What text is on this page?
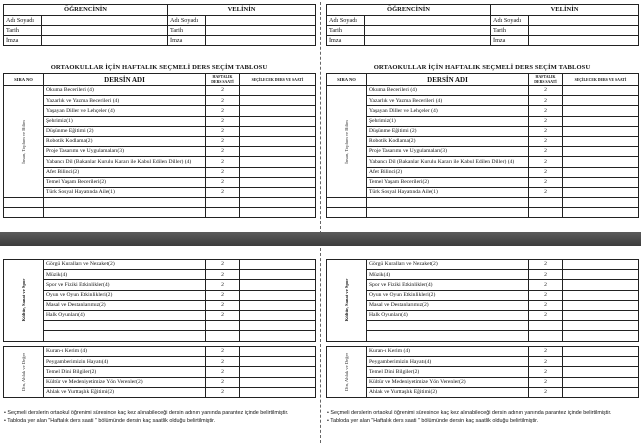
ÖĞRENCİNİN		VELİNİN	
Adı Soyadı		Adı Soyadı	
Tarih		Tarih	
İmza		İmza	
ORTAOKULLAR İÇİN HAFTALIK SEÇMELİ DERS SEÇİM TABLOSU
SIRA NO	DERSİN ADI	HAFTALIK DERS SAATİ	SEÇİLECEK DERS VE SAATİ

İnsan, Toplum ve Bilim	Okuma Becerileri (4)	2	
	Yazarlık ve Yazma Becerileri (4)	2	
	Yaşayan Diller ve Lehçeler (4)	2	
	Şehrimiz(1)	2	
	Düşünme Eğitimi (2)	2	
	Robotik Kodlama(2)	2	
	Proje Tasarımı ve Uygulamaları(3)	2	
	Yabancı Dil (Bakanlar Kurulu Kararı ile Kabul Edilen Diller) (4)	2	
	Afet Bilinci(2)	2	
	Temel Yaşam Becerileri(2)	2	
	Türk Sosyal Hayatında Aile(1)	2	

ÖĞRENCİNİN		VELİNİN	
Adı Soyadı		Adı Soyadı	
Tarih		Tarih	
İmza		İmza	
ORTAOKULLAR İÇİN HAFTALIK SEÇMELİ DERS SEÇİM TABLOSU
SIRA NO	DERSİN ADI	HAFTALIK DERS SAATİ	SEÇİLECEK DERS VE SAATİ

İnsan, Toplum ve Bilim	Okuma Becerileri (4)	2	
	Yazarlık ve Yazma Becerileri (4)	2	
	Yaşayan Diller ve Lehçeler (4)	2	
	Şehrimiz(1)	2	
	Düşünme Eğitimi (2)	2	
	Robotik Kodlama(2)	2	
	Proje Tasarımı ve Uygulamaları(3)	2	
	Yabancı Dil (Bakanlar Kurulu Kararı ile Kabul Edilen Diller) (4)	2	
	Afet Bilinci(2)	2	
	Temel Yaşam Becerileri(2)	2	
	Türk Sosyal Hayatında Aile(1)	2	

Kültür, Sanat ve Spor	Görgü Kuralları ve Nezaket(2)	2	
	Müzik(4)	2	
	Spor ve Fiziki Etkinlikler(4)	2	
	Oyun ve Oyun Etkinlikleri(2)	2	
	Masal ve Destanlarımız(2)	2	
	Halk Oyunları(4)	2	

Din, Ahlak ve Değer	Kuran-ı Kerim (4)	2	
	Peygamberimizin Hayatı(4)	2	
	Temel Dini Bilgiler(2)	2	
	Kültür ve Medeniyetimize Yön Verenler(2)	2	
	Ahlak ve Yurttaşlık Eğitimi(2)	2	

• Seçmeli derslerin ortaokul öğrenimi süresince kaç kez alınabileceği dersin adının yanında parantez içinde belirtilmiştir.

• Tabloda yer alan "Haftalık ders saati " bölümünde dersin kaç saatlik olduğu belirtilmiştir.

Kültür, Sanat ve Spor	Görgü Kuralları ve Nezaket(2)	2	
	Müzik(4)	2	
	Spor ve Fiziki Etkinlikler(4)	2	
	Oyun ve Oyun Etkinlikleri(2)	2	
	Masal ve Destanlarımız(2)	2	
	Halk Oyunları(4)	2	

Din, Ahlak ve Değer	Kuran-ı Kerim (4)	2	
	Peygamberimizin Hayatı(4)	2	
	Temel Dini Bilgiler(2)	2	
	Kültür ve Medeniyetimize Yön Verenler(2)	2	
	Ahlak ve Yurttaşlık Eğitimi(2)	2	

• Seçmeli derslerin ortaokul öğrenimi süresince kaç kez alınabileceği dersin adının yanında parantez içinde belirtilmiştir.

• Tabloda yer alan "Haftalık ders saati " bölümünde dersin kaç saatlik olduğu belirtilmiştir.
